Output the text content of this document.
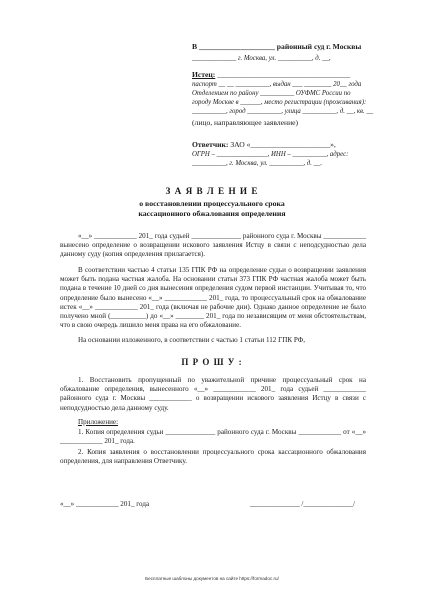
В ____________________ районный суд г. Москвы
_____________ г. Москва, ул. __________, д. __,
Истец: ______________________________________
паспорт __ __ __________, выдан ___ ________ 20__ года
Отделением по району __________ ОУФМС России по
городу Москве в ______, место регистрации (проживания):
__________, город __________, улица __________, д. __, кв. __
(лицо, направляющее заявление)
Ответчик: ЗАО «_____________________»,
ОГРН – _______________, ИНН – __________, адрес:
__________, г. Москва, ул. __________, д. __.
З А Я В Л Е Н И Е
о восстановлении процессуального срока
кассационного обжалования определения
«__» ____________ 201_ года судьей ______________ районного суда г. Москвы ____________ вынесено определение о возвращении искового заявления Истцу в связи с неподсудностью дела данному суду (копия определения прилагается).
В соответствии частью 4 статьи 135 ГПК РФ на определение судьи о возвращении заявления может быть подана частная жалоба. На основании статьи 373 ГПК РФ частная жалоба может быть подана в течение 10 дней со дня вынесения определения судом первой инстанции. Учитывая то, что определение было вынесено «__» ____________ 201_ года, то процессуальный срок на обжалование истек «__» ____________ 201_ года (включая не рабочие дни). Однако данное определение не было получено мной (__________) до «__» ________ 201_ года по независящим от меня обстоятельствам, что в свою очередь лишило меня права на его обжалование.
На основании изложенного, в соответствии с частью 1 статьи 112 ГПК РФ,
П Р О Ш У :
1. Восстановить пропущенный по уважительной причине процессуальный срок на обжалование определения, вынесенного «__» ____________ 201_ года судьей ____________ районного суда г. Москвы ____________ о возвращении искового заявления Истцу в связи с неподсудностью дела данному суду.
Приложение:
1. Копия определения судьи ______________ районного суда г. Москвы ____________ от «__» ____________ 201_ года.
2. Копия заявления о восстановлении процессуального срока кассационного обжалования определения, для направления Ответчику.
«__» ____________ 201_ года	______________ /______________/
Бесплатные шаблоны документов на сайте https://formadoc.ru/
